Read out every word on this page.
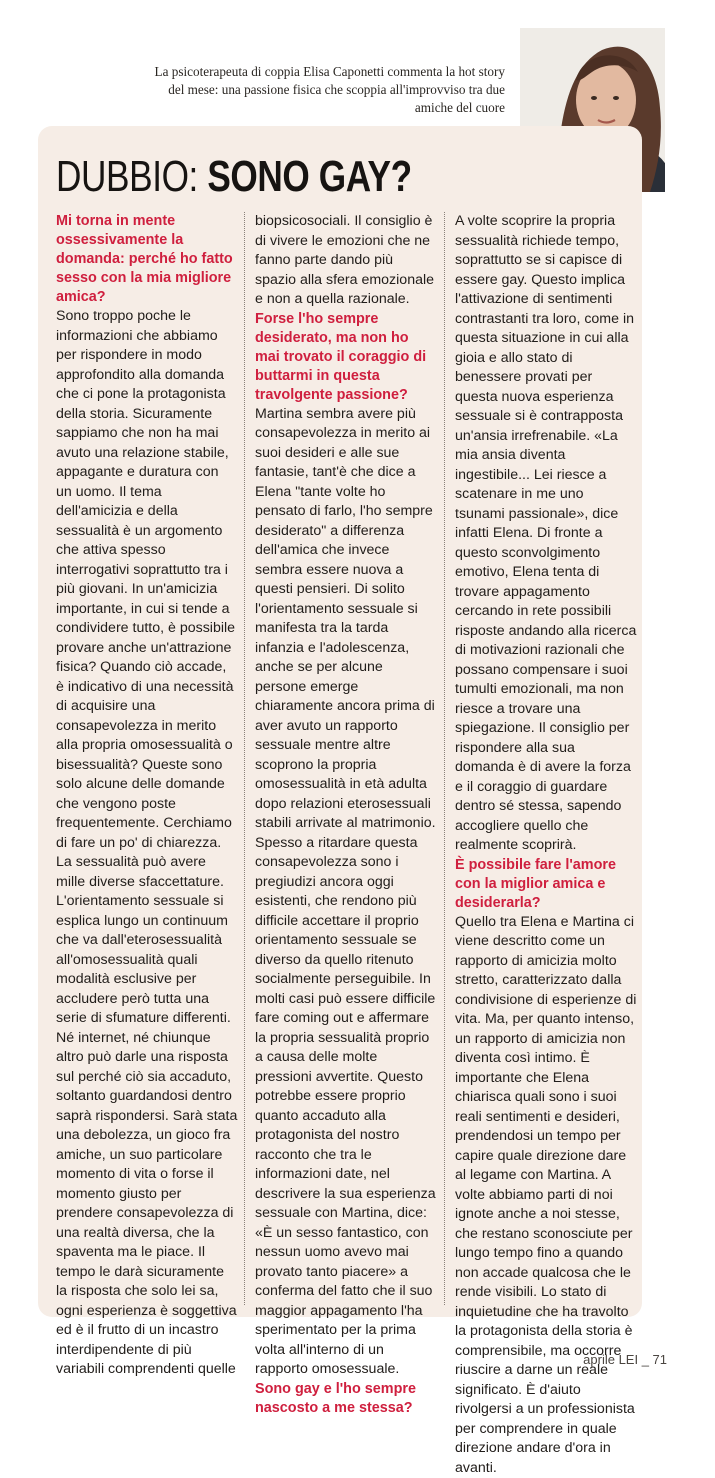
La psicoterapeuta di coppia Elisa Caponetti commenta la hot story del mese: una passione fisica che scoppia all'improvviso tra due amiche del cuore
DUBBIO: SONO GAY?

Mi torna in mente ossessivamente la domanda: perché ho fatto sesso con la mia migliore amica?

Sono troppo poche le informazioni che abbiamo per rispondere in modo approfondito alla domanda che ci pone la protagonista della storia. Sicuramente sappiamo che non ha mai avuto una relazione stabile, appagante e duratura con un uomo. Il tema dell'amicizia e della sessualità è un argomento che attiva spesso interrogativi soprattutto tra i più giovani. In un'amicizia importante, in cui si tende a condividere tutto, è possibile provare anche un'attrazione fisica? Quando ciò accade, è indicativo di una necessità di acquisire una consapevolezza in merito alla propria omosessualità o bisessualità? Queste sono solo alcune delle domande che vengono poste frequentemente. Cerchiamo di fare un po' di chiarezza. La sessualità può avere mille diverse sfaccettature. L'orientamento sessuale si esplica lungo un continuum che va dall'eterosessualità all'omosessualità quali modalità esclusive per accludere però tutta una serie di sfumature differenti. Né internet, né chiunque altro può darle una risposta sul perché ciò sia accaduto, soltanto guardandosi dentro saprà rispondersi. Sarà stata una debolezza, un gioco fra amiche, un suo particolare momento di vita o forse il momento giusto per prendere consapevolezza di una realtà diversa, che la spaventa ma le piace. Il tempo le darà sicuramente la risposta che solo lei sa, ogni esperienza è soggettiva ed è il frutto di un incastro interdipendente di più variabili comprendenti quelle

biopsicosociali. Il consiglio è di vivere le emozioni che ne fanno parte dando più spazio alla sfera emozionale e non a quella razionale.

Forse l'ho sempre desiderato, ma non ho mai trovato il coraggio di buttarmi in questa travolgente passione?

Martina sembra avere più consapevolezza in merito ai suoi desideri e alle sue fantasie, tant'è che dice a Elena "tante volte ho pensato di farlo, l'ho sempre desiderato" a differenza dell'amica che invece sembra essere nuova a questi pensieri. Di solito l'orientamento sessuale si manifesta tra la tarda infanzia e l'adolescenza, anche se per alcune persone emerge chiaramente ancora prima di aver avuto un rapporto sessuale mentre altre scoprono la propria omosessualità in età adulta dopo relazioni eterosessuali stabili arrivate al matrimonio. Spesso a ritardare questa consapevolezza sono i pregiudizi ancora oggi esistenti, che rendono più difficile accettare il proprio orientamento sessuale se diverso da quello ritenuto socialmente perseguibile. In molti casi può essere difficile fare coming out e affermare la propria sessualità proprio a causa delle molte pressioni avvertite. Questo potrebbe essere proprio quanto accaduto alla protagonista del nostro racconto che tra le informazioni date, nel descrivere la sua esperienza sessuale con Martina, dice: «È un sesso fantastico, con nessun uomo avevo mai provato tanto piacere» a conferma del fatto che il suo maggior appagamento l'ha sperimentato per la prima volta all'interno di un rapporto omosessuale.

Sono gay e l'ho sempre nascosto a me stessa?

A volte scoprire la propria sessualità richiede tempo, soprattutto se si capisce di essere gay. Questo implica l'attivazione di sentimenti contrastanti tra loro, come in questa situazione in cui alla gioia e allo stato di benessere provati per questa nuova esperienza sessuale si è contrapposta un'ansia irrefrenabile. «La mia ansia diventa ingestibile... Lei riesce a scatenare in me uno tsunami passionale», dice infatti Elena. Di fronte a questo sconvolgimento emotivo, Elena tenta di trovare appagamento cercando in rete possibili risposte andando alla ricerca di motivazioni razionali che possano compensare i suoi tumulti emozionali, ma non riesce a trovare una spiegazione. Il consiglio per rispondere alla sua domanda è di avere la forza e il coraggio di guardare dentro sé stessa, sapendo accogliere quello che realmente scoprirà.

È possibile fare l'amore con la miglior amica e desiderarla?

Quello tra Elena e Martina ci viene descritto come un rapporto di amicizia molto stretto, caratterizzato dalla condivisione di esperienze di vita. Ma, per quanto intenso, un rapporto di amicizia non diventa così intimo. È importante che Elena chiarisca quali sono i suoi reali sentimenti e desideri, prendendosi un tempo per capire quale direzione dare al legame con Martina. A volte abbiamo parti di noi ignote anche a noi stesse, che restano sconosciute per lungo tempo fino a quando non accade qualcosa che le rende visibili. Lo stato di inquietudine che ha travolto la protagonista della storia è comprensibile, ma occorre riuscire a darne un reale significato. È d'aiuto rivolgersi a un professionista per comprendere in quale direzione andare d'ora in avanti.

aprile LEI _ 71
